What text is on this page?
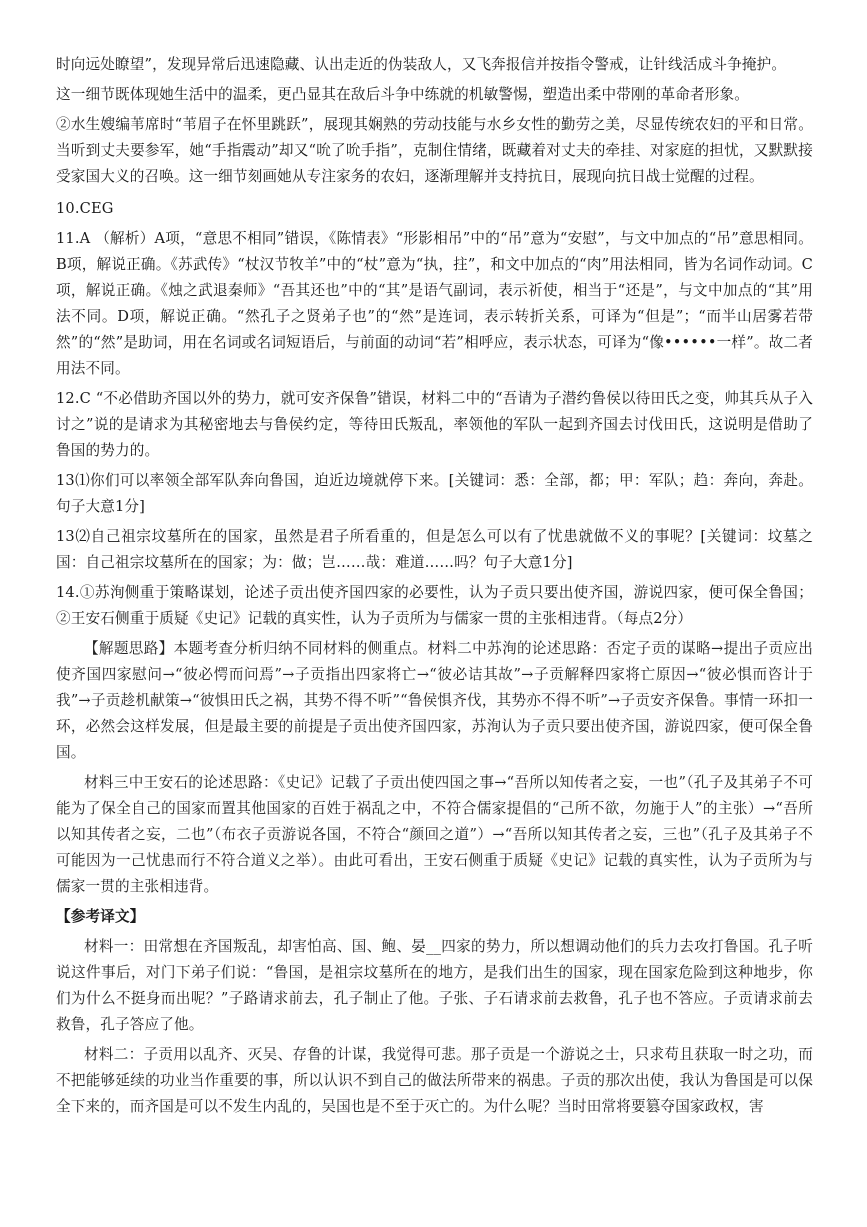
时向远处瞭望”，发现异常后迅速隐藏、认出走近的伪装敌人，又飞奔报信并按指令警戒，让针线活成斗争掩护。

这一细节既体现她生活中的温柔，更凸显其在敌后斗争中练就的机敏警惕，塑造出柔中带刚的革命者形象。

②水生嫂编苇席时“苇眉子在怀里跳跃”，展现其娴熟的劳动技能与水乡女性的勤劳之美，尽显传统农妇的平和日常。当听到丈夫要参军，她“手指震动”却又“吮了吮手指”，克制住情绪，既藏着对丈夫的牵挂、对家庭的担忧，又默默接受家国大义的召唤。这一细节刻画她从专注家务的农妇，逐渐理解并支持抗日，展现向抗日战士觉醒的过程。

10.CEG

11.A （解析）A项，“意思不相同”错误，《陈情表》“形影相吊”中的“吊”意为“安慰”，与文中加点的“吊”意思相同。B项，解说正确。《苏武传》“杖汉节牧羊”中的“杖”意为“执，拄”，和文中加点的“肉”用法相同，皆为名词作动词。C项，解说正确。《烛之武退秦师》“吾其还也”中的“其”是语气副词，表示祈使，相当于“还是”，与文中加点的“其”用法不同。D项，解说正确。“然孔子之贤弟子也”的“然”是连词，表示转折关系，可译为“但是”；“而半山居雾若带然”的“然”是助词，用在名词或名词短语后，与前面的动词“若”相呼应，表示状态，可译为“像••••••一样”。故二者用法不同。

12.C “不必借助齐国以外的势力，就可安齐保鲁”错误，材料二中的“吾请为子潜约鲁侯以待田氏之变，帅其兵从子入讨之”说的是请求为其秘密地去与鲁侯约定，等待田氏叛乱，率领他的军队一起到齐国去讨伐田氏，这说明是借助了鲁国的势力的。

13⑴你们可以率领全部军队奔向鲁国，迫近边境就停下来。[关键词：悉：全部，都；甲：军队；趋：奔向，奔赴。句子大意1分]

13⑵自己祖宗坟墓所在的国家，虽然是君子所看重的，但是怎么可以有了忧患就做不义的事呢？[关键词：坟墓之国：自己祖宗坟墓所在的国家；为：做；岂……哉：难道……吗？句子大意1分]

14.①苏洵侧重于策略谋划，论述子贡出使齐国四家的必要性，认为子贡只要出使齐国，游说四家，便可保全鲁国；②王安石侧重于质疑《史记》记载的真实性，认为子贡所为与儒家一贯的主张相违背。（每点2分）

【解题思路】本题考查分析归纳不同材料的侧重点。材料二中苏洵的论述思路：否定子贡的谋略→提出子贡应出使齐国四家慰问→“彼必愕而问焉”→子贡指出四家将亡→“彼必诘其故”→子贡解释四家将亡原因→“彼必惧而咨计于我”→子贡趁机献策→“彼惧田氏之祸，其势不得不听”“鲁侯惧齐伐，其势亦不得不听”→子贡安齐保鲁。事情一环扣一环，必然会这样发展，但是最主要的前提是子贡出使齐国四家，苏洵认为子贡只要出使齐国，游说四家，便可保全鲁国。

材料三中王安石的论述思路：《史记》记载了子贡出使四国之事→“吾所以知传者之妄，一也”（孔子及其弟子不可能为了保全自己的国家而置其他国家的百姓于祸乱之中，不符合儒家提倡的“己所不欲，勿施于人”的主张）→“吾所以知其传者之妄，二也”（布衣子贡游说各国，不符合“颜回之道”）→“吾所以知其传者之妄，三也”（孔子及其弟子不可能因为一己忧患而行不符合道义之举）。由此可看出，王安石侧重于质疑《史记》记载的真实性，认为子贡所为与儒家一贯的主张相违背。

【参考译文】

材料一：田常想在齐国叛乱，却害怕高、国、鲍、晏__四家的势力，所以想调动他们的兵力去攻打鲁国。孔子听说这件事后，对门下弟子们说：“鲁国，是祖宗坟墓所在的地方，是我们出生的国家，现在国家危险到这种地步，你们为什么不挺身而出呢？”子路请求前去，孔子制止了他。子张、子石请求前去救鲁，孔子也不答应。子贡请求前去救鲁，孔子答应了他。

材料二：子贡用以乱齐、灭吴、存鲁的计谋，我觉得可悲。那子贡是一个游说之士，只求苟且获取一时之功，而不把能够延续的功业当作重要的事，所以认识不到自己的做法所带来的祸患。子贡的那次出使，我认为鲁国是可以保全下来的，而齐国是可以不发生内乱的，吴国也是不至于灭亡的。为什么呢？当时田常将要篡夺国家政权，害
